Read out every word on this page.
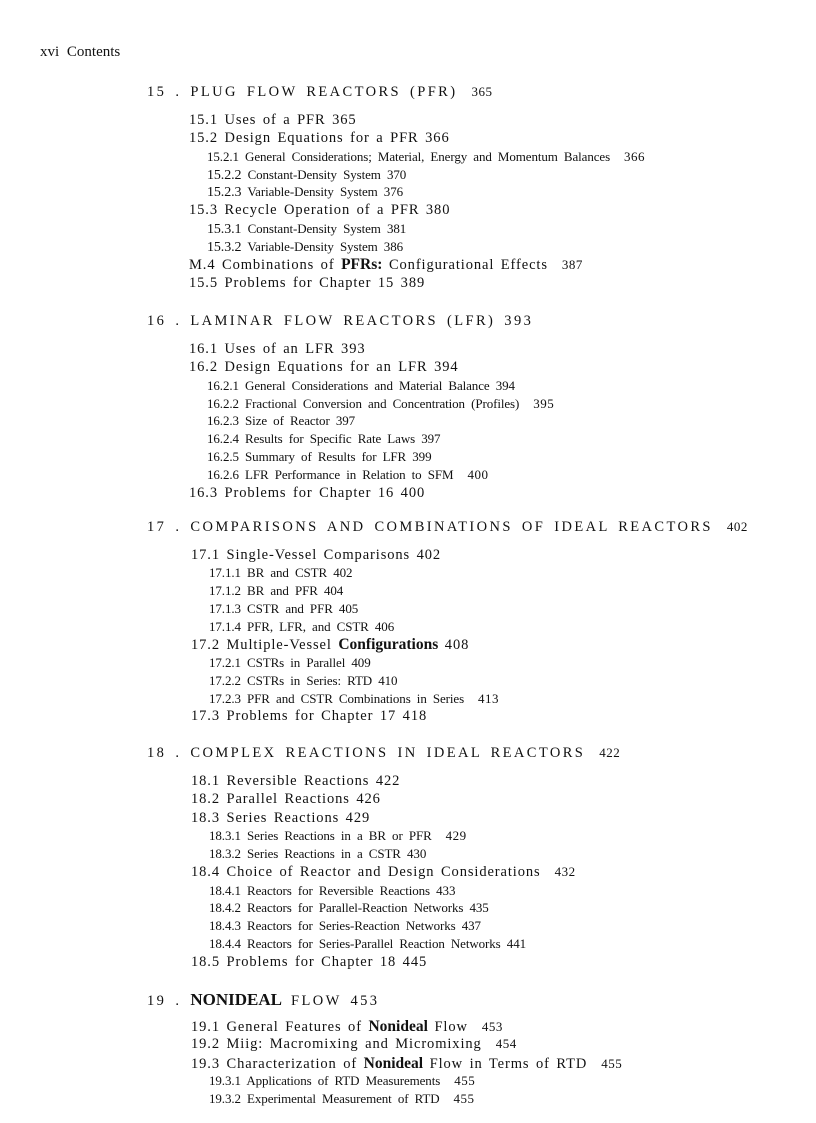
xvi Contents
15 . PLUG FLOW REACTORS (PFR) 365
15.1 Uses of a PFR 365
15.2 Design Equations for a PFR 366
15.2.1 General Considerations; Material, Energy and Momentum Balances 366
15.2.2 Constant-Density System 370
15.2.3 Variable-Density System 376
15.3 Recycle Operation of a PFR 380
15.3.1 Constant-Density System 381
15.3.2 Variable-Density System 386
M.4 Combinations of PFRs: Configurational Effects 387
15.5 Problems for Chapter 15 389
16 . LAMINAR FLOW REACTORS (LFR) 393
16.1 Uses of an LFR 393
16.2 Design Equations for an LFR 394
16.2.1 General Considerations and Material Balance 394
16.2.2 Fractional Conversion and Concentration (Profiles) 395
16.2.3 Size of Reactor 397
16.2.4 Results for Specific Rate Laws 397
16.2.5 Summary of Results for LFR 399
16.2.6 LFR Performance in Relation to SFM 400
16.3 Problems for Chapter 16 400
17 . COMPARISONS AND COMBINATIONS OF IDEAL REACTORS 402
17.1 Single-Vessel Comparisons 402
17.1.1 BR and CSTR 402
17.1.2 BR and PFR 404
17.1.3 CSTR and PFR 405
17.1.4 PFR, LFR, and CSTR 406
17.2 Multiple-Vessel Configurations 408
17.2.1 CSTRs in Parallel 409
17.2.2 CSTRs in Series: RTD 410
17.2.3 PFR and CSTR Combinations in Series 413
17.3 Problems for Chapter 17 418
18 . COMPLEX REACTIONS IN IDEAL REACTORS 422
18.1 Reversible Reactions 422
18.2 Parallel Reactions 426
18.3 Series Reactions 429
18.3.1 Series Reactions in a BR or PFR 429
18.3.2 Series Reactions in a CSTR 430
18.4 Choice of Reactor and Design Considerations 432
18.4.1 Reactors for Reversible Reactions 433
18.4.2 Reactors for Parallel-Reaction Networks 435
18.4.3 Reactors for Series-Reaction Networks 437
18.4.4 Reactors for Series-Parallel Reaction Networks 441
18.5 Problems for Chapter 18 445
19 . NONIDEAL FLOW 453
19.1 General Features of Nonideal Flow 453
19.2 Miig: Macromixing and Micromixing 454
19.3 Characterization of Nonideal Flow in Terms of RTD 455
19.3.1 Applications of RTD Measurements 455
19.3.2 Experimental Measurement of RTD 455
